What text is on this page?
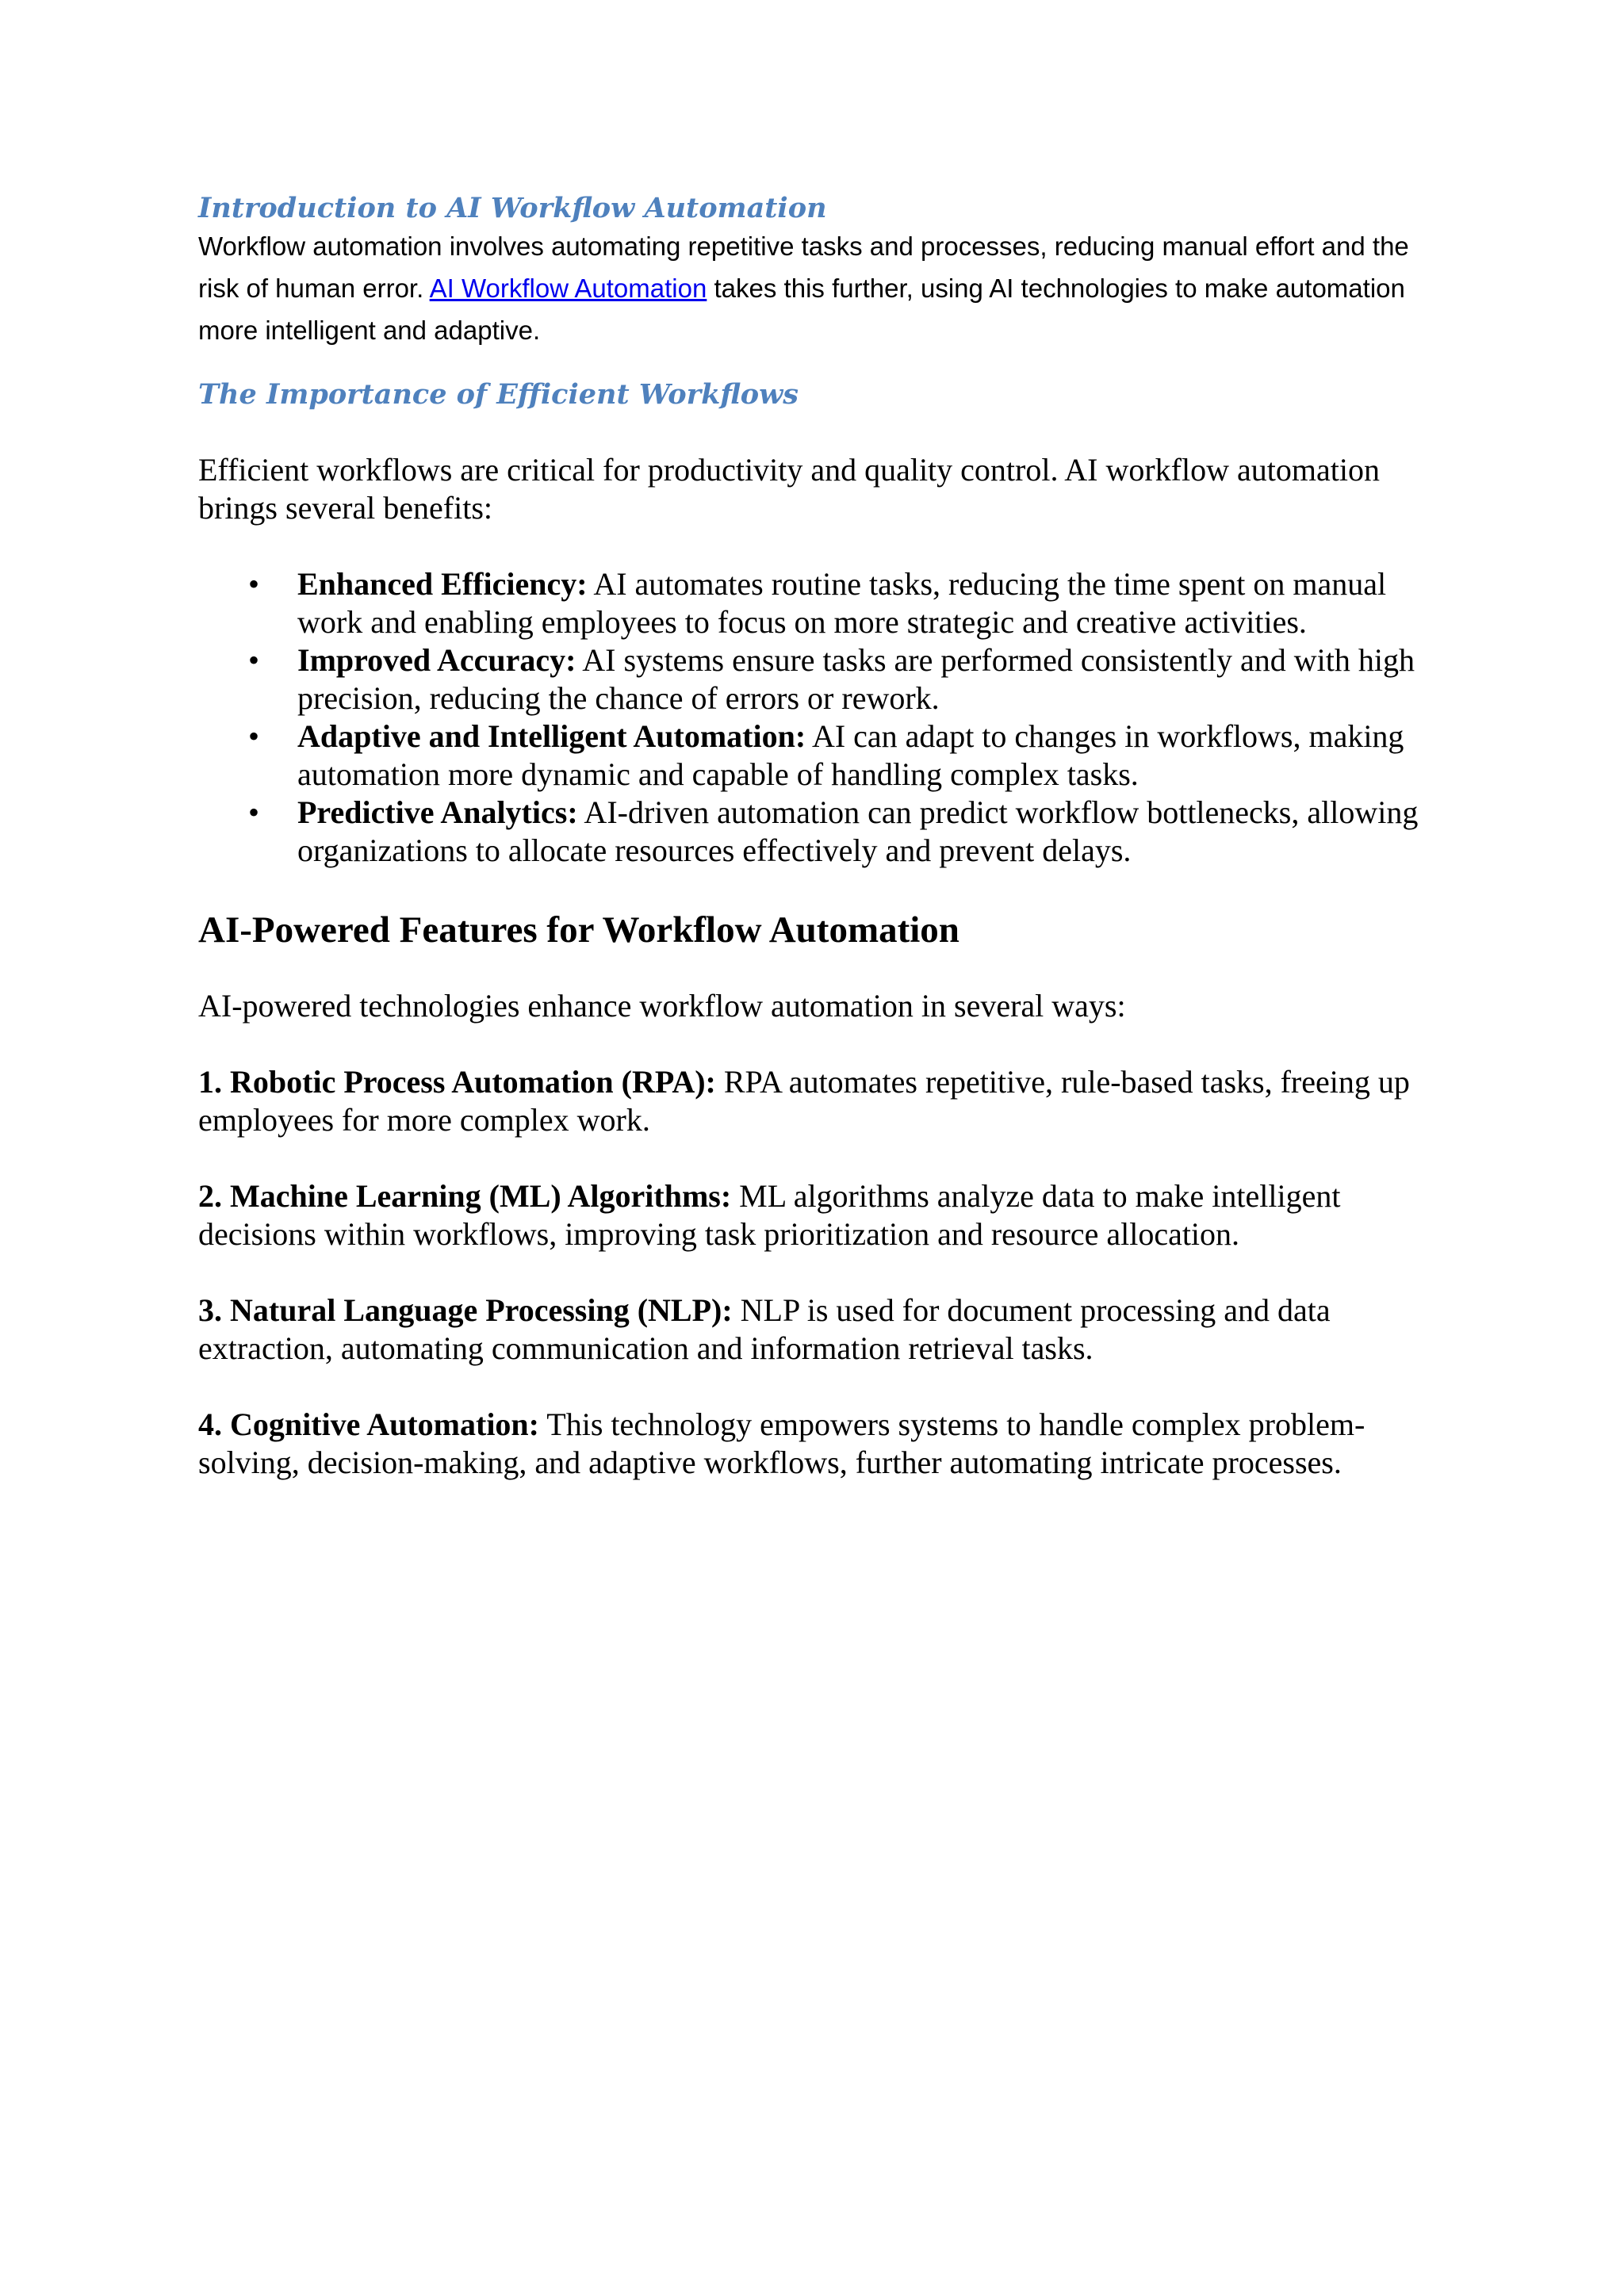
Introduction to AI Workflow Automation

Workflow automation involves automating repetitive tasks and processes, reducing manual effort and the risk of human error. AI Workflow Automation takes this further, using AI technologies to make automation more intelligent and adaptive.

The Importance of Efficient Workflows

Efficient workflows are critical for productivity and quality control. AI workflow automation brings several benefits:

• Enhanced Efficiency: AI automates routine tasks, reducing the time spent on manual work and enabling employees to focus on more strategic and creative activities.
• Improved Accuracy: AI systems ensure tasks are performed consistently and with high precision, reducing the chance of errors or rework.
• Adaptive and Intelligent Automation: AI can adapt to changes in workflows, making automation more dynamic and capable of handling complex tasks.
• Predictive Analytics: AI-driven automation can predict workflow bottlenecks, allowing organizations to allocate resources effectively and prevent delays.
AI-Powered Features for Workflow Automation

AI-powered technologies enhance workflow automation in several ways:

1. Robotic Process Automation (RPA): RPA automates repetitive, rule-based tasks, freeing up employees for more complex work.

2. Machine Learning (ML) Algorithms: ML algorithms analyze data to make intelligent decisions within workflows, improving task prioritization and resource allocation.

3. Natural Language Processing (NLP): NLP is used for document processing and data extraction, automating communication and information retrieval tasks.

4. Cognitive Automation: This technology empowers systems to handle complex problem-solving, decision-making, and adaptive workflows, further automating intricate processes.
